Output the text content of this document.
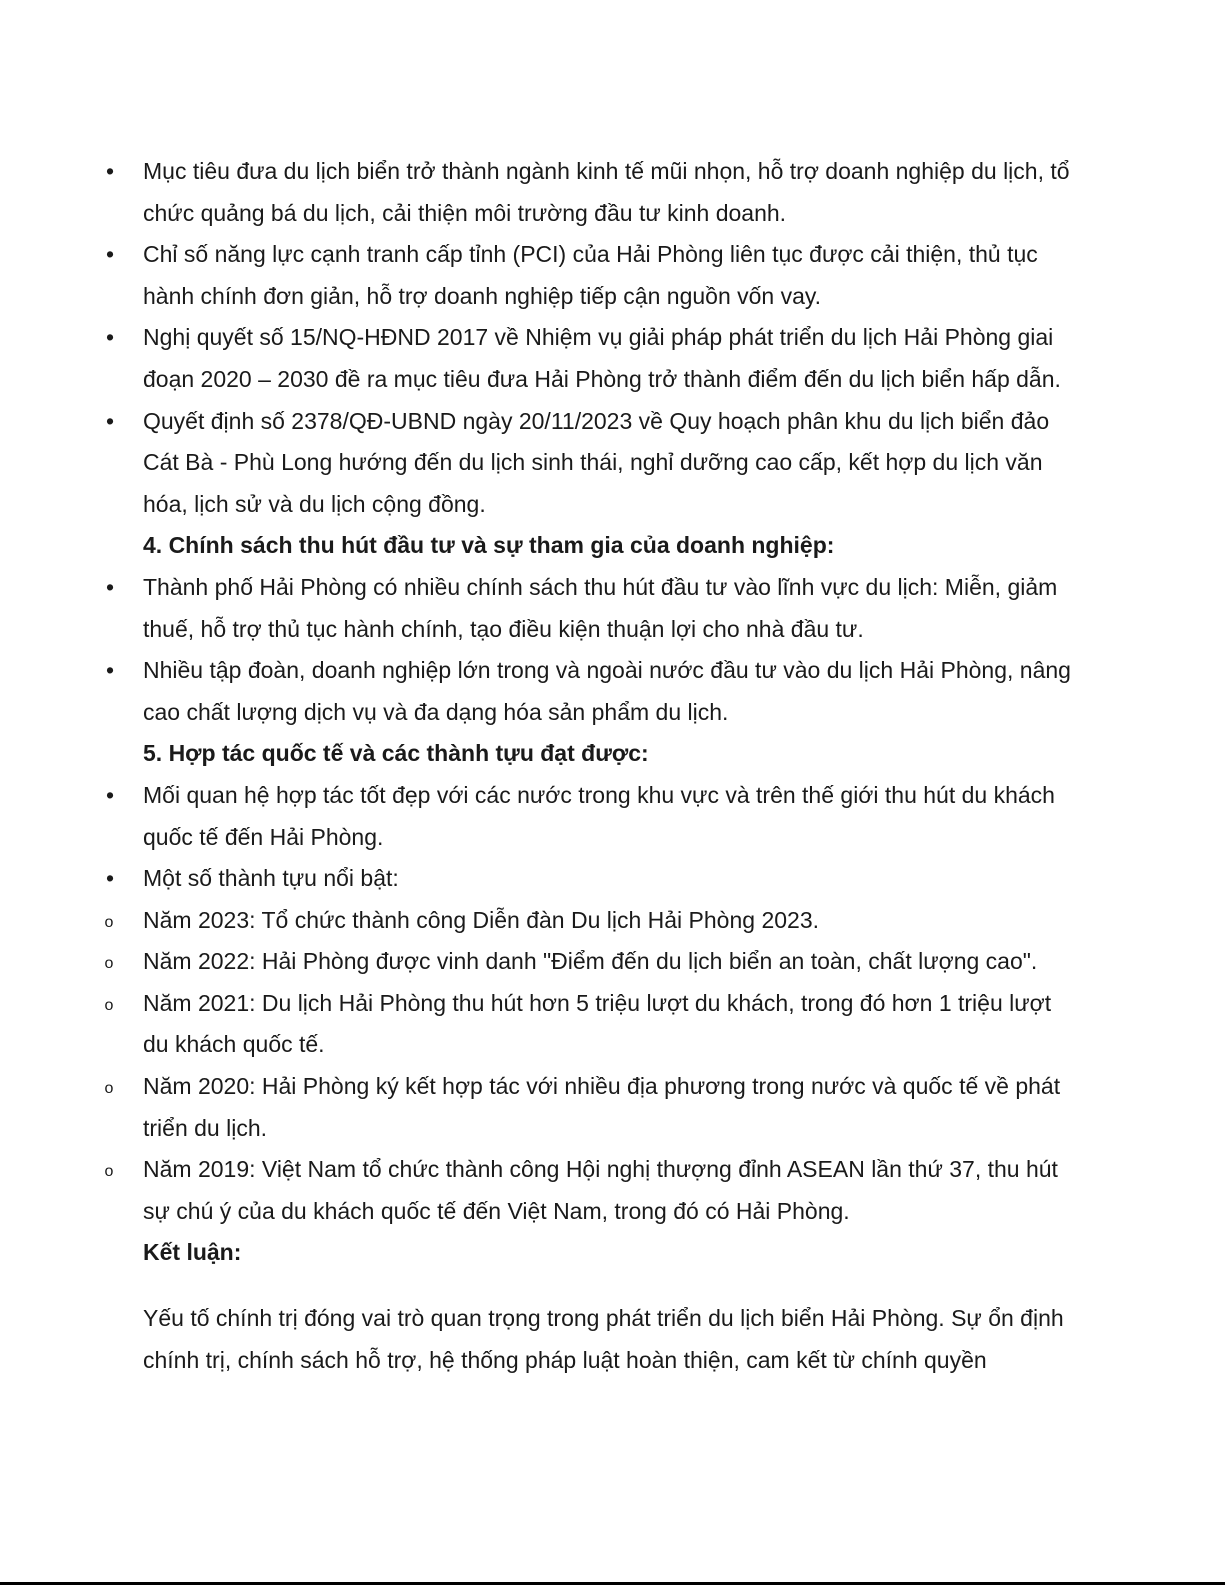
• Mục tiêu đưa du lịch biển trở thành ngành kinh tế mũi nhọn, hỗ trợ doanh nghiệp du lịch, tổ chức quảng bá du lịch, cải thiện môi trường đầu tư kinh doanh.
• Chỉ số năng lực cạnh tranh cấp tỉnh (PCI) của Hải Phòng liên tục được cải thiện, thủ tục hành chính đơn giản, hỗ trợ doanh nghiệp tiếp cận nguồn vốn vay.
• Nghị quyết số 15/NQ-HĐND 2017 về Nhiệm vụ giải pháp phát triển du lịch Hải Phòng giai đoạn 2020 – 2030 đề ra mục tiêu đưa Hải Phòng trở thành điểm đến du lịch biển hấp dẫn.
• Quyết định số 2378/QĐ-UBND ngày 20/11/2023 về Quy hoạch phân khu du lịch biển đảo Cát Bà - Phù Long hướng đến du lịch sinh thái, nghỉ dưỡng cao cấp, kết hợp du lịch văn hóa, lịch sử và du lịch cộng đồng.
4. Chính sách thu hút đầu tư và sự tham gia của doanh nghiệp:
• Thành phố Hải Phòng có nhiều chính sách thu hút đầu tư vào lĩnh vực du lịch: Miễn, giảm thuế, hỗ trợ thủ tục hành chính, tạo điều kiện thuận lợi cho nhà đầu tư.
• Nhiều tập đoàn, doanh nghiệp lớn trong và ngoài nước đầu tư vào du lịch Hải Phòng, nâng cao chất lượng dịch vụ và đa dạng hóa sản phẩm du lịch.
5. Hợp tác quốc tế và các thành tựu đạt được:
• Mối quan hệ hợp tác tốt đẹp với các nước trong khu vực và trên thế giới thu hút du khách quốc tế đến Hải Phòng.
• Một số thành tựu nổi bật:
o Năm 2023: Tổ chức thành công Diễn đàn Du lịch Hải Phòng 2023.
o Năm 2022: Hải Phòng được vinh danh "Điểm đến du lịch biển an toàn, chất lượng cao".
o Năm 2021: Du lịch Hải Phòng thu hút hơn 5 triệu lượt du khách, trong đó hơn 1 triệu lượt du khách quốc tế.
o Năm 2020: Hải Phòng ký kết hợp tác với nhiều địa phương trong nước và quốc tế về phát triển du lịch.
o Năm 2019: Việt Nam tổ chức thành công Hội nghị thượng đỉnh ASEAN lần thứ 37, thu hút sự chú ý của du khách quốc tế đến Việt Nam, trong đó có Hải Phòng.
Kết luận:
Yếu tố chính trị đóng vai trò quan trọng trong phát triển du lịch biển Hải Phòng. Sự ổn định chính trị, chính sách hỗ trợ, hệ thống pháp luật hoàn thiện, cam kết từ chính quyền
